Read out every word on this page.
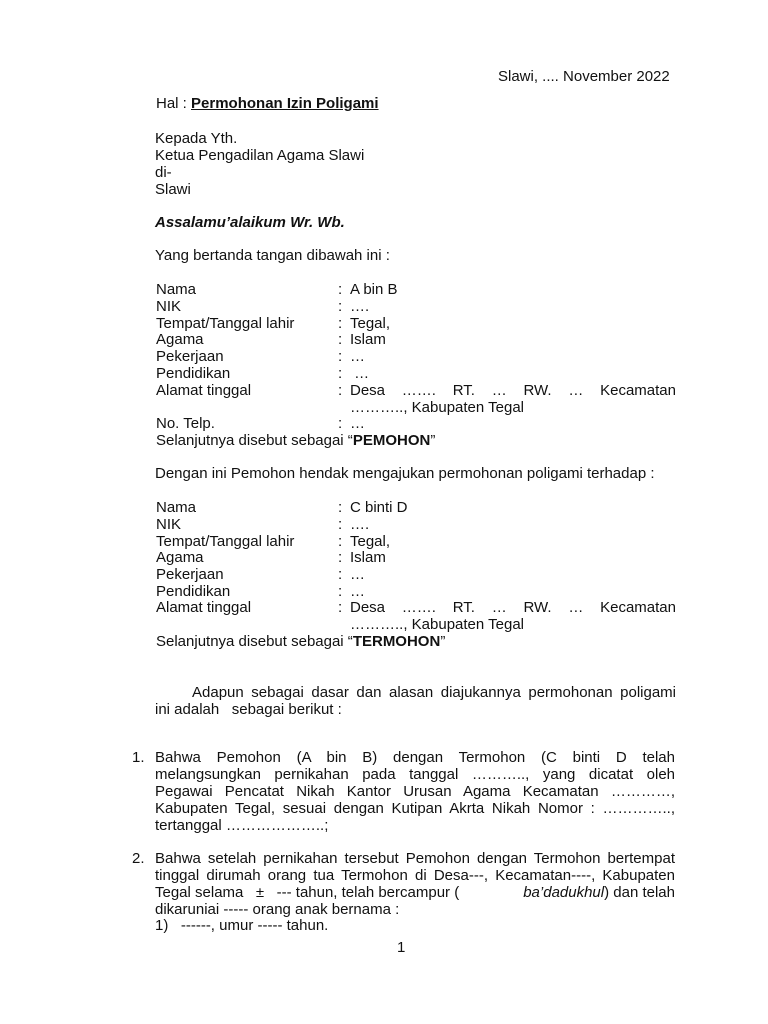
Slawi, .... November 2022
Hal : Permohonan Izin Poligami
Kepada Yth.
Ketua Pengadilan Agama Slawi
di-
Slawi
Assalamu’alaikum Wr. Wb.
Yang bertanda tangan dibawah ini :
Nama	: A bin B
NIK	: ….
Tempat/Tanggal lahir	: Tegal,
Agama	: Islam
Pekerjaan	: …
Pendidikan	: …
Alamat tinggal	: Desa ……. RT. … RW. … Kecamatan
……….., Kabupaten Tegal
No. Telp.	: …
Selanjutnya disebut sebagai “PEMOHON”
Dengan ini Pemohon hendak mengajukan permohonan poligami terhadap :
Nama	: C binti D
NIK	: ….
Tempat/Tanggal lahir	: Tegal,
Agama	: Islam
Pekerjaan	: …
Pendidikan	: …
Alamat tinggal	: Desa ……. RT. … RW. … Kecamatan
……….., Kabupaten Tegal
Selanjutnya disebut sebagai “TERMOHON”
Adapun sebagai dasar dan alasan diajukannya permohonan poligami
ini adalah   sebagai berikut :
1. Bahwa Pemohon (A bin B) dengan Termohon (C binti D telah
melangsungkan pernikahan pada tanggal ……….., yang dicatat oleh
Pegawai Pencatat Nikah Kantor Urusan Agama Kecamatan …………,
Kabupaten Tegal, sesuai dengan Kutipan Akrta Nikah Nomor : …………..,
tertanggal ………………..;
2. Bahwa setelah pernikahan tersebut Pemohon dengan Termohon bertempat
tinggal dirumah orang tua Termohon di Desa---, Kecamatan----, Kabupaten
Tegal selama   ±   --- tahun, telah bercampur (	ba’dadukhul) dan telah
dikaruniai ----- orang anak bernama :
1)   ------, umur ----- tahun.
1
